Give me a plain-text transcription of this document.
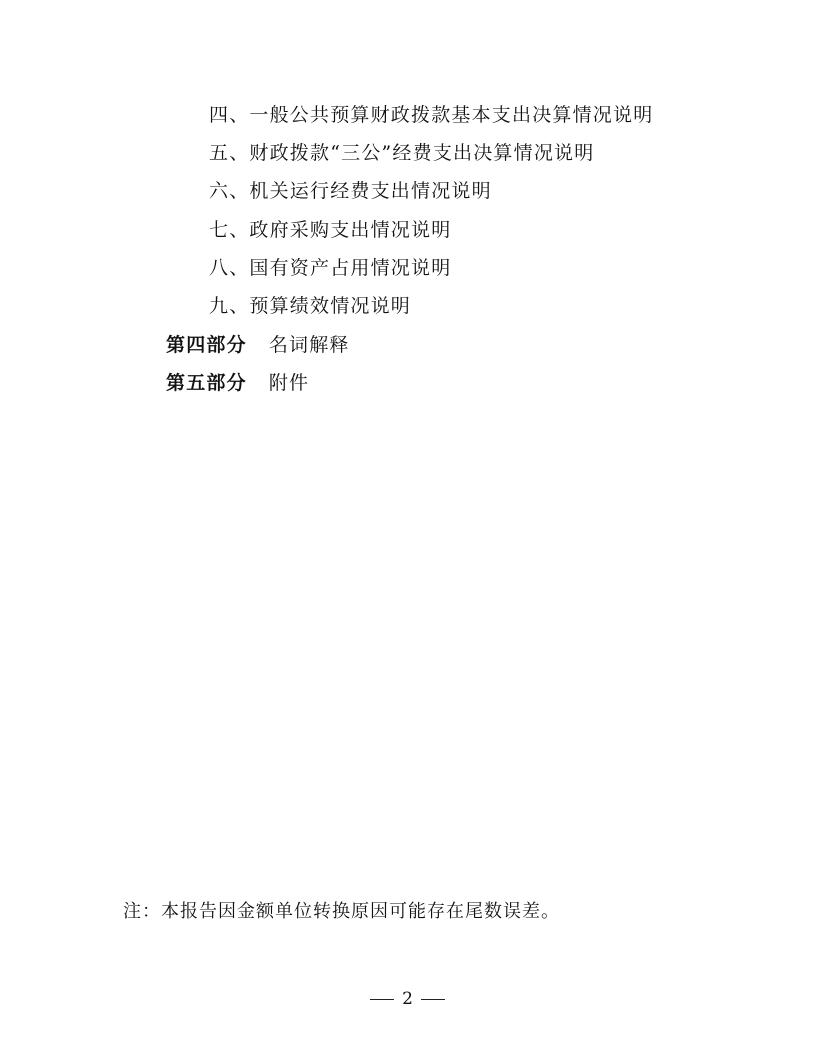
四、一般公共预算财政拨款基本支出决算情况说明
五、财政拨款“三公”经费支出决算情况说明
六、机关运行经费支出情况说明
七、政府采购支出情况说明
八、国有资产占用情况说明
九、预算绩效情况说明
第四部分 名词解释
第五部分 附件
注：本报告因金额单位转换原因可能存在尾数误差。
2
